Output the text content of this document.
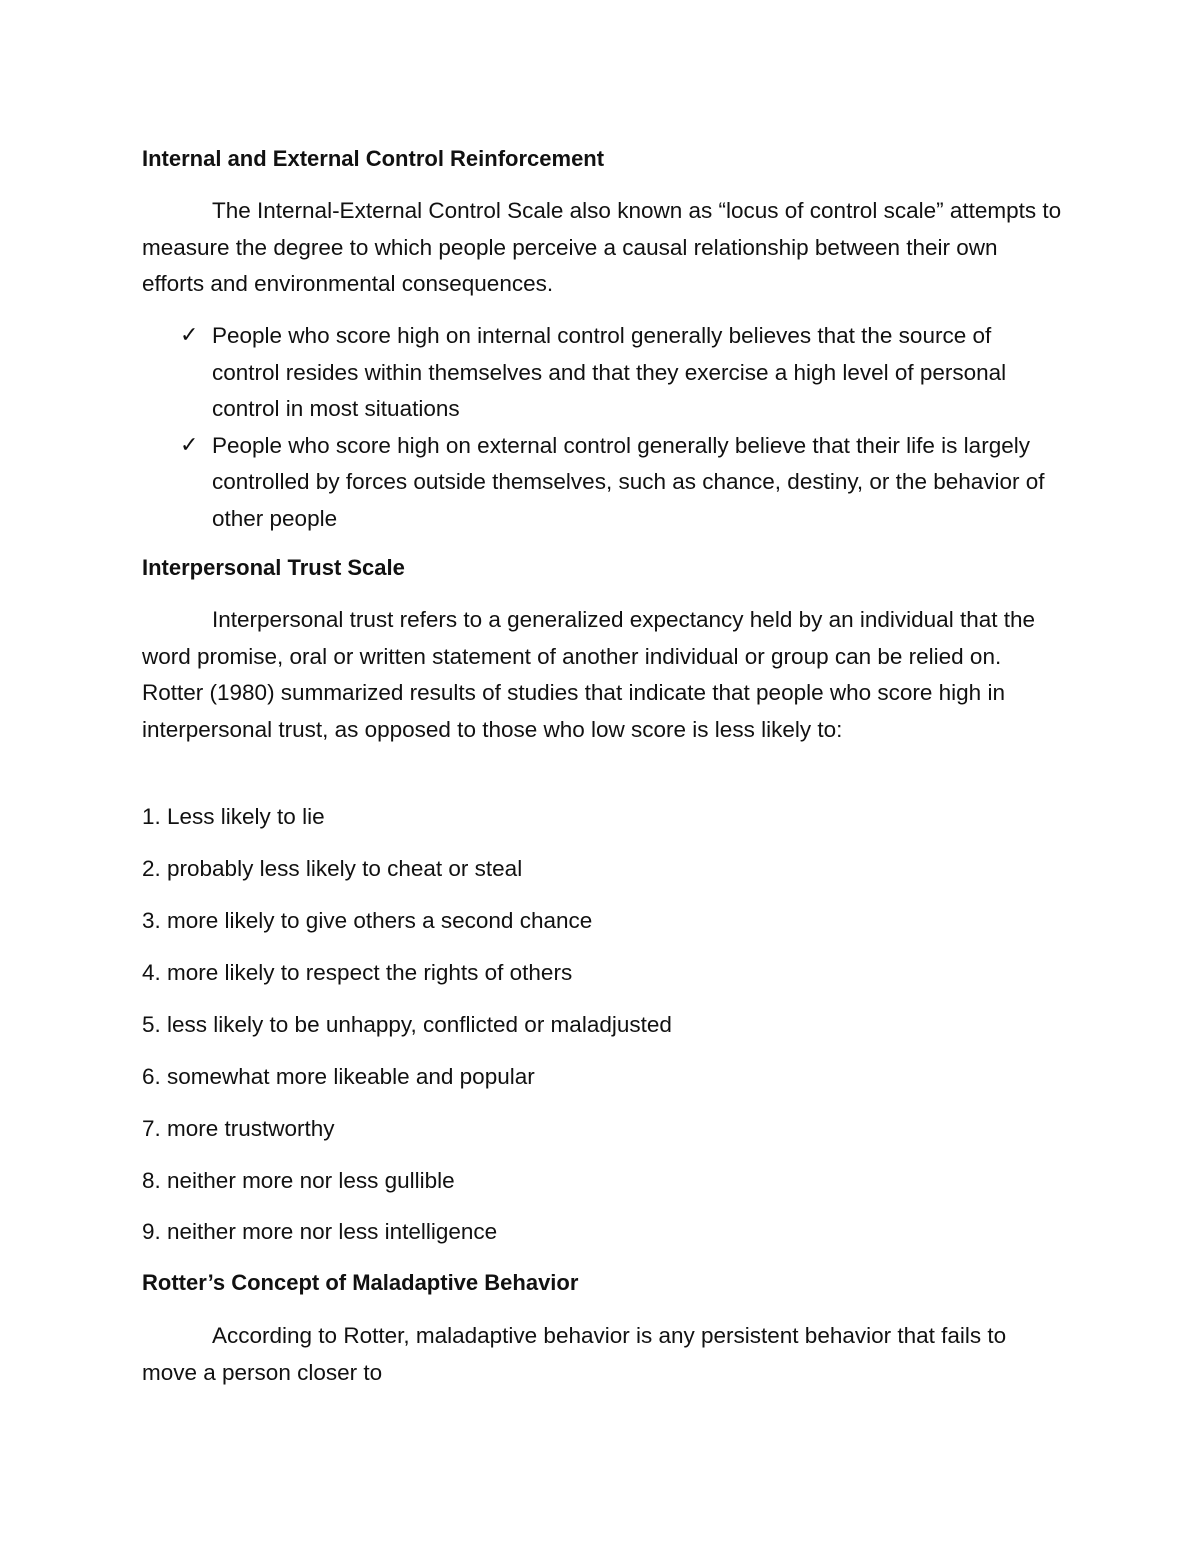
Internal and External Control Reinforcement

The Internal-External Control Scale also known as “locus of control scale” attempts to measure the degree to which people perceive a causal relationship between their own efforts and environmental consequences.

✓ People who score high on internal control generally believes that the source of control resides within themselves and that they exercise a high level of personal control in most situations
✓ People who score high on external control generally believe that their life is largely controlled by forces outside themselves, such as chance, destiny, or the behavior of other people
Interpersonal Trust Scale

Interpersonal trust refers to a generalized expectancy held by an individual that the word promise, oral or written statement of another individual or group can be relied on. Rotter (1980) summarized results of studies that indicate that people who score high in interpersonal trust, as opposed to those who low score is less likely to:

1. Less likely to lie
2. probably less likely to cheat or steal
3. more likely to give others a second chance
4. more likely to respect the rights of others
5. less likely to be unhappy, conflicted or maladjusted
6. somewhat more likeable and popular
7. more trustworthy
8. neither more nor less gullible
9. neither more nor less intelligence
Rotter’s Concept of Maladaptive Behavior

According to Rotter, maladaptive behavior is any persistent behavior that fails to move a person closer to
